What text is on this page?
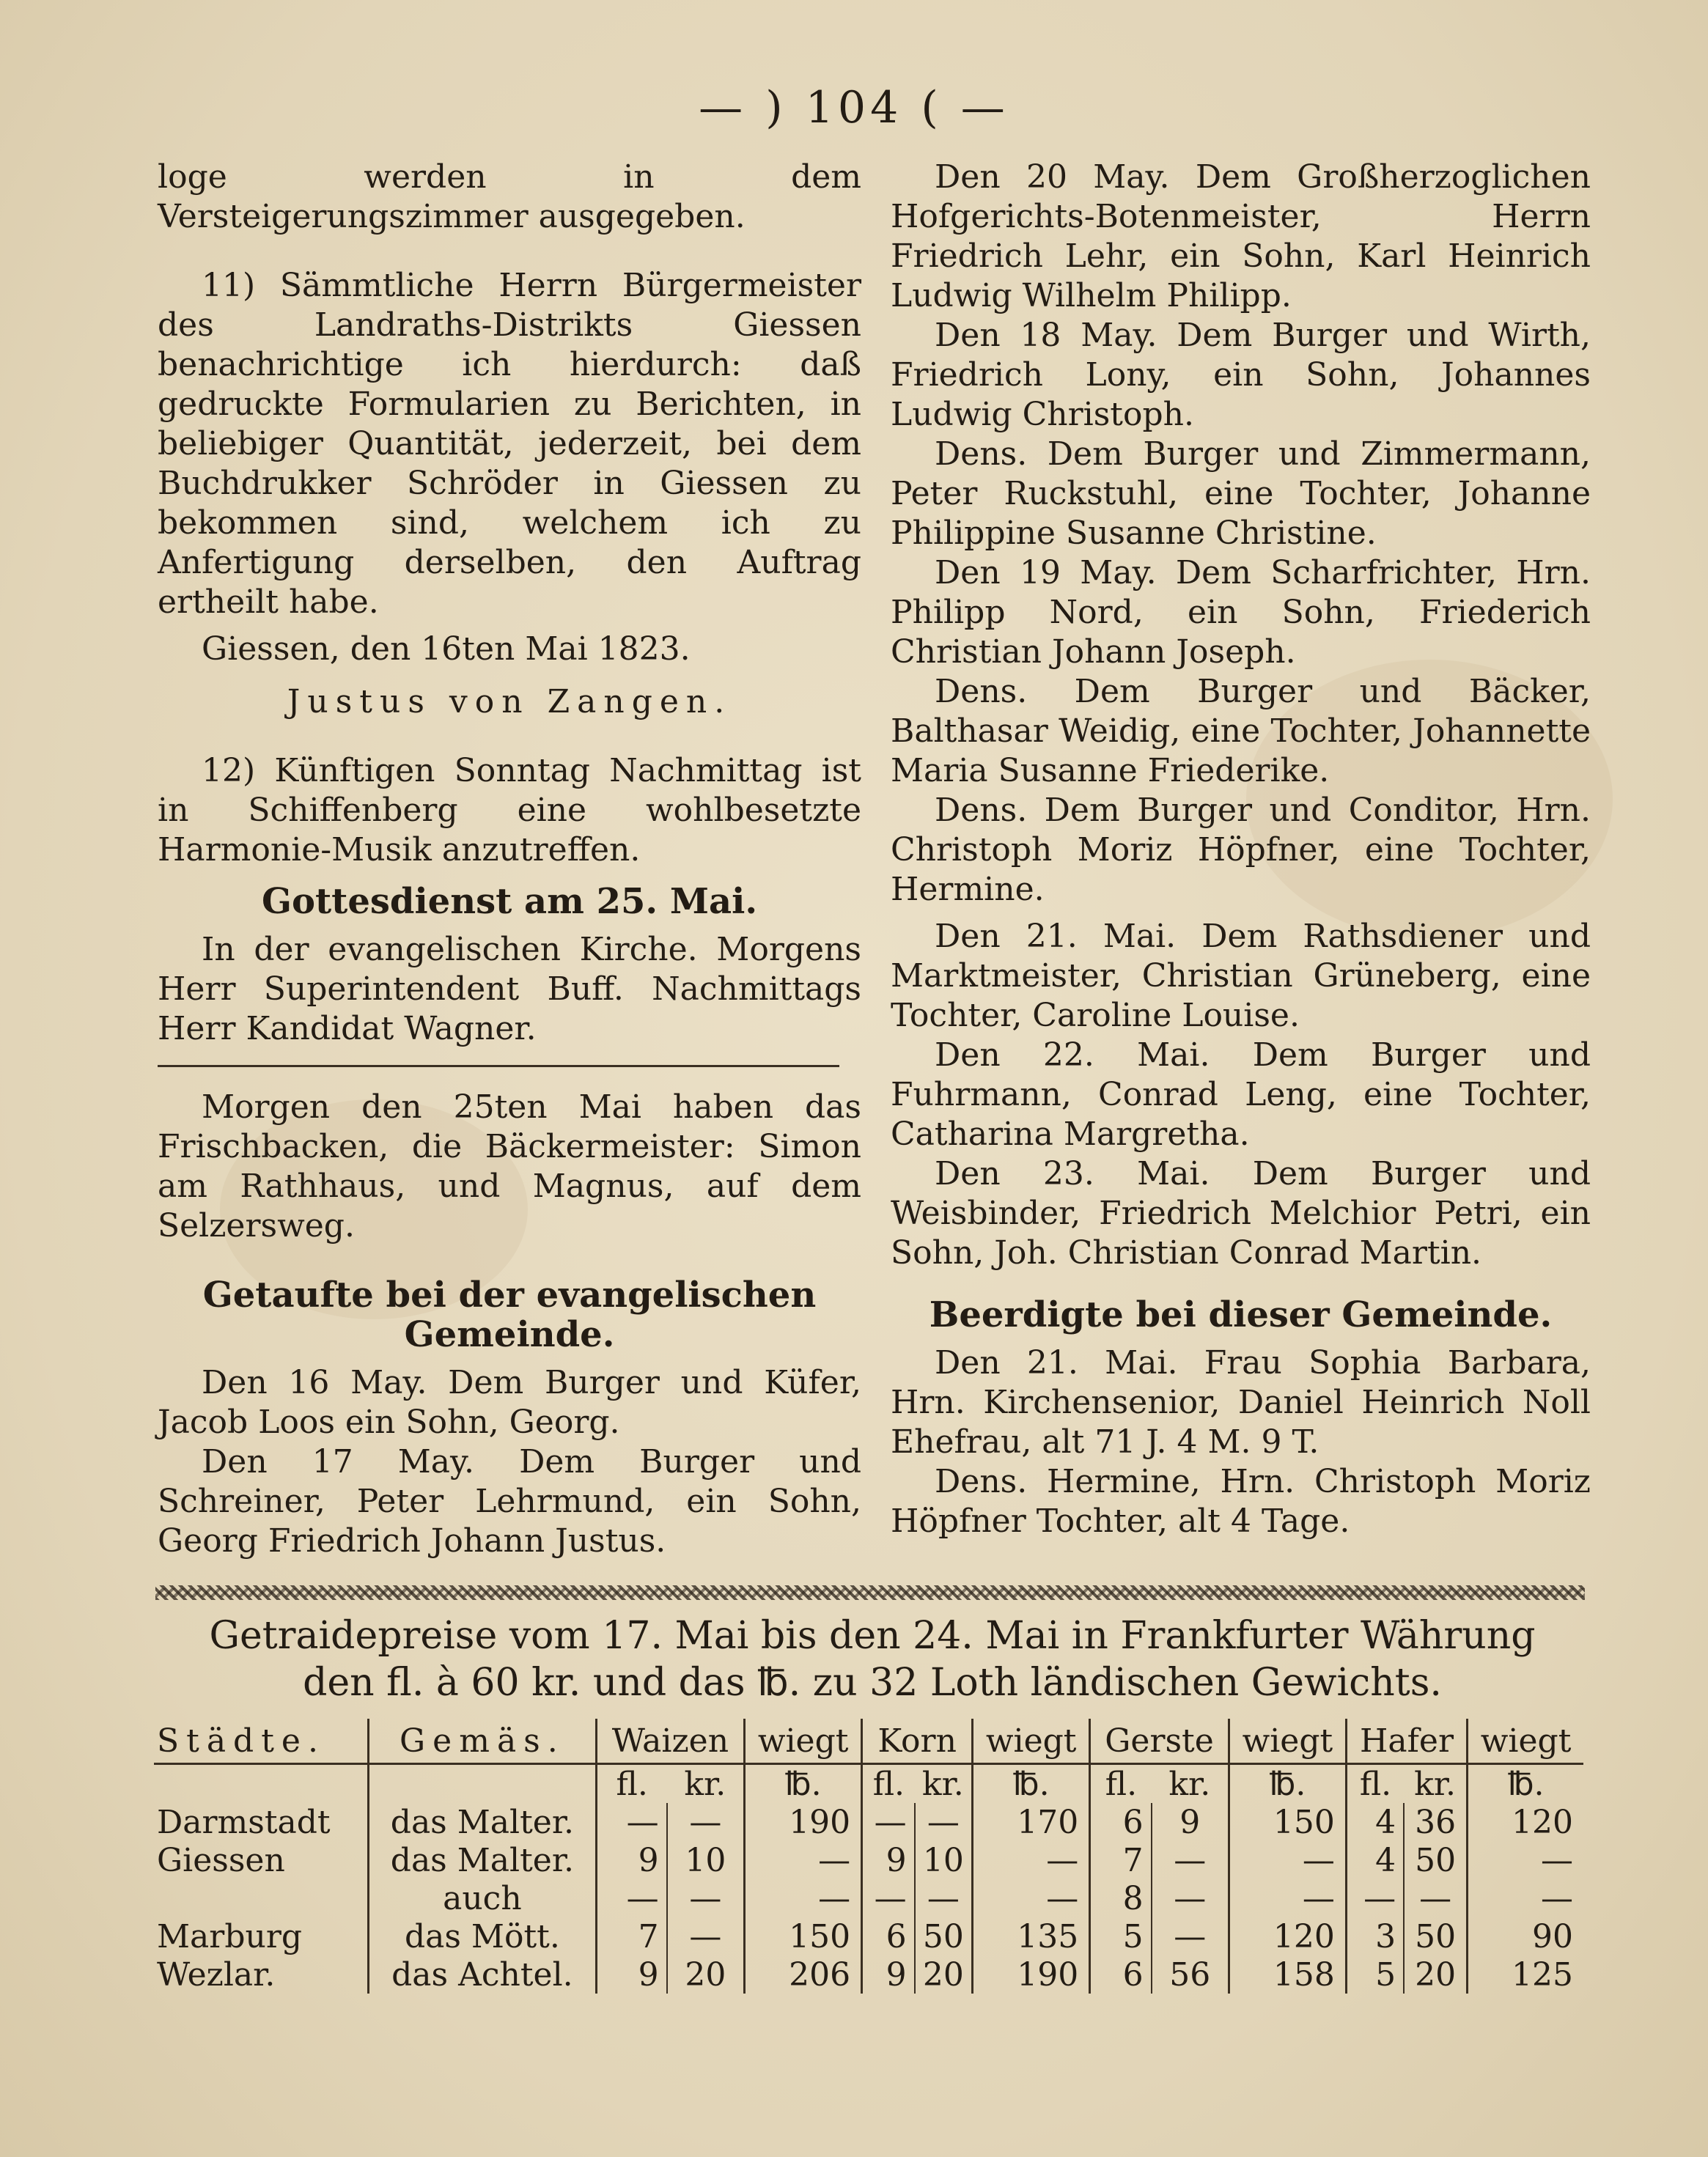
— ) 104 ( —

loge werden in dem Versteigerungszimmer ausgegeben.

11) Sämmtliche Herrn Bürgermeister des Landraths-Distrikts Giessen benachrichtige ich hierdurch: daß gedruckte Formularien zu Berichten, in beliebiger Quantität, jederzeit, bei dem Buchdrukker Schröder in Giessen zu bekommen sind, welchem ich zu Anfertigung derselben, den Auftrag ertheilt habe.

Giessen, den 16ten Mai 1823.

Justus von Zangen.

12) Künftigen Sonntag Nachmittag ist in Schiffenberg eine wohlbesetzte Harmonie-Musik anzutreffen.

Gottesdienst am 25. Mai.

In der evangelischen Kirche. Morgens Herr Superintendent Buff. Nachmittags Herr Kandidat Wagner.

Morgen den 25ten Mai haben das Frischbacken, die Bäckermeister: Simon am Rathhaus, und Magnus, auf dem Selzersweg.

Getaufte bei der evangelischen Gemeinde.

Den 16 May. Dem Burger und Küfer, Jacob Loos ein Sohn, Georg.

Den 17 May. Dem Burger und Schreiner, Peter Lehrmund, ein Sohn, Georg Friedrich Johann Justus.

Den 20 May. Dem Großherzoglichen Hofgerichts-Botenmeister, Herrn Friedrich Lehr, ein Sohn, Karl Heinrich Ludwig Wilhelm Philipp.

Den 18 May. Dem Burger und Wirth, Friedrich Lony, ein Sohn, Johannes Ludwig Christoph.

Dens. Dem Burger und Zimmermann, Peter Ruckstuhl, eine Tochter, Johanne Philippine Susanne Christine.

Den 19 May. Dem Scharfrichter, Hrn. Philipp Nord, ein Sohn, Friederich Christian Johann Joseph.

Dens. Dem Burger und Bäcker, Balthasar Weidig, eine Tochter, Johannette Maria Susanne Friederike.

Dens. Dem Burger und Conditor, Hrn. Christoph Moriz Höpfner, eine Tochter, Hermine.

Den 21. Mai. Dem Rathsdiener und Marktmeister, Christian Grüneberg, eine Tochter, Caroline Louise.

Den 22. Mai. Dem Burger und Fuhrmann, Conrad Leng, eine Tochter, Catharina Margretha.

Den 23. Mai. Dem Burger und Weisbinder, Friedrich Melchior Petri, ein Sohn, Joh. Christian Conrad Martin.

Beerdigte bei dieser Gemeinde.

Den 21. Mai. Frau Sophia Barbara, Hrn. Kirchensenior, Daniel Heinrich Noll Ehefrau, alt 71 J. 4 M. 9 T.

Dens. Hermine, Hrn. Christoph Moriz Höpfner Tochter, alt 4 Tage.

Getraidepreise vom 17. Mai bis den 24. Mai in Frankfurter Währung
den fl. à 60 kr. und das ℔. zu 32 Loth ländischen Gewichts.
Städte.	Gemäs.	Waizen		wiegt	Korn		wiegt	Gerste		wiegt	Hafer		wiegt
		fl.	kr.	℔.	fl.	kr.	℔.	fl.	kr.	℔.	fl.	kr.	℔.
Darmstadt	das Malter.	—	—	190	—	—	170	6	9	150	4	36	120
Giessen	das Malter.	9	10	—	9	10	—	7	—	—	4	50	—
	auch	—	—	—	—	—	—	8	—	—	—	—	—
Marburg	das Mött.	7	—	150	6	50	135	5	—	120	3	50	90
Wezlar.	das Achtel.	9	20	206	9	20	190	6	56	158	5	20	125
